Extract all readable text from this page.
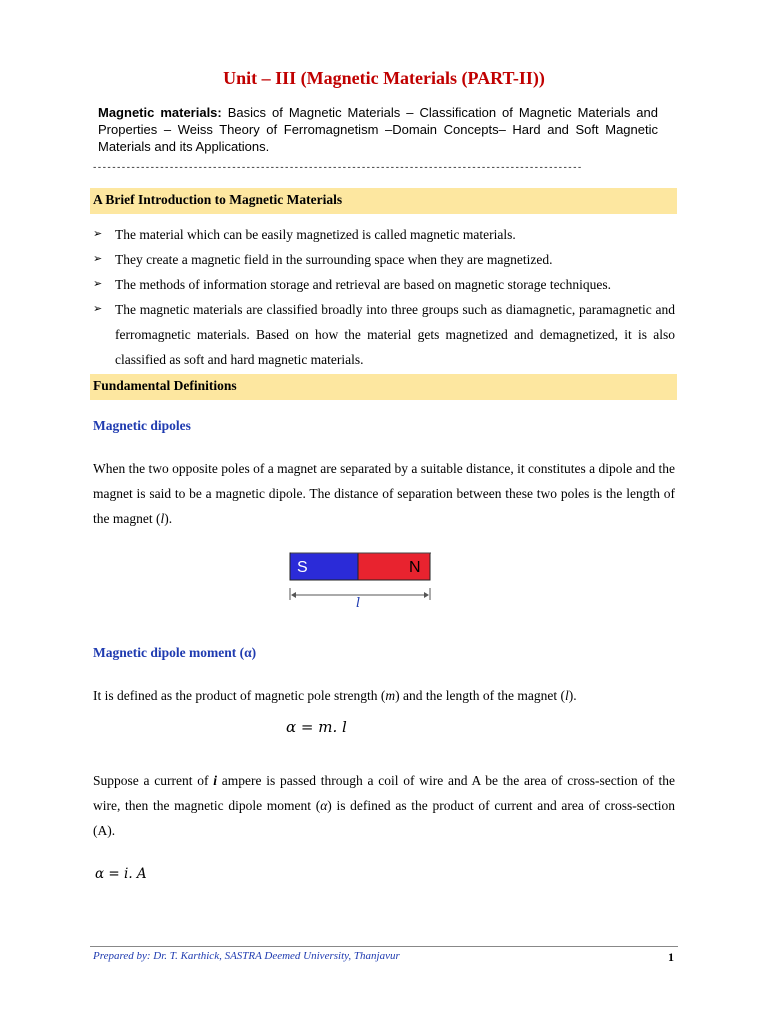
Unit – III (Magnetic Materials (PART-II))
Magnetic materials: Basics of Magnetic Materials – Classification of Magnetic Materials and Properties – Weiss Theory of Ferromagnetism –Domain Concepts– Hard and Soft Magnetic Materials and its Applications.
------------------------------------------------------------------------------------------------------
A Brief Introduction to Magnetic Materials
➢ The material which can be easily magnetized is called magnetic materials.
➢ They create a magnetic field in the surrounding space when they are magnetized.
➢ The methods of information storage and retrieval are based on magnetic storage techniques.
➢ The magnetic materials are classified broadly into three groups such as diamagnetic, paramagnetic and ferromagnetic materials. Based on how the material gets magnetized and demagnetized, it is also classified as soft and hard magnetic materials.
Fundamental Definitions
Magnetic dipoles
When the two opposite poles of a magnet are separated by a suitable distance, it constitutes a dipole and the magnet is said to be a magnetic dipole. The distance of separation between these two poles is the length of the magnet (l).
S	N
l
Magnetic dipole moment (α)
It is defined as the product of magnetic pole strength (m) and the length of the magnet (l).
α = m. l
Suppose a current of i ampere is passed through a coil of wire and A be the area of cross-section of the wire, then the magnetic dipole moment (α) is defined as the product of current and area of cross-section (A).
α = i. A
Prepared by: Dr. T. Karthick, SASTRA Deemed University, Thanjavur	1
